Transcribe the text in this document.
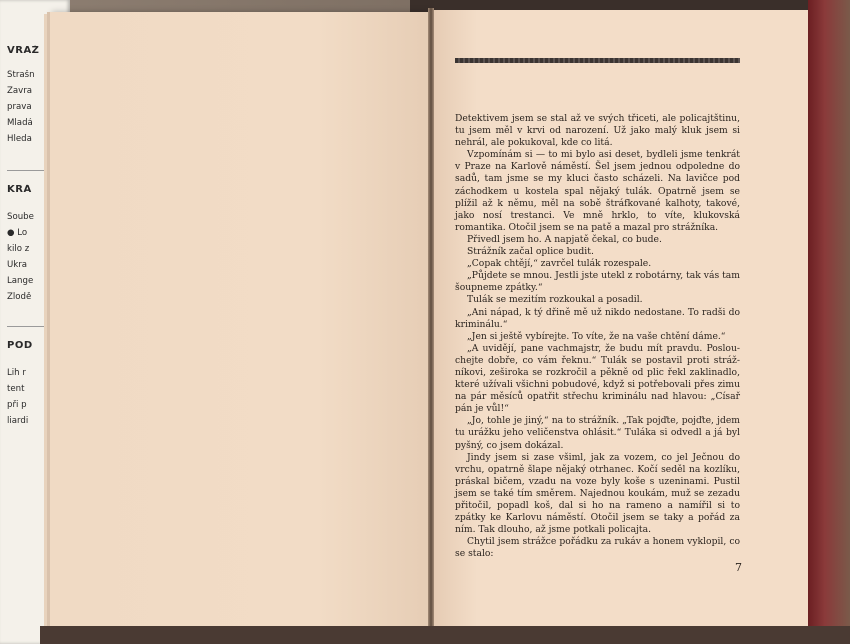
VRAŽ
Strašn
Zavra
prava
Mladá
Hleda
KRÁ
Soube
● Lo
kilo z
Ukra
Lange
Zlodě
POD
Lih r
tent
při p
liardi

Detektivem jsem se stal až ve svých třiceti, ale policajtštinu, tu jsem měl v krvi od narození. Už jako malý kluk jsem si nehrál, ale pokukoval, kde co litá.

Vzpomínám si — to mi bylo asi deset, bydleli jsme tenkrát v Praze na Karlově náměstí. Šel jsem jednou odpoledne do sadů, tam jsme se my kluci často scházeli. Na lavičce pod záchodkem u kostela spal nějaký tulák. Opatrně jsem se plížil až k němu, měl na sobě štráfkované kalhoty, takové, jako nosí trestanci. Ve mně hrklo, to víte, klukovská romantika. Otočil jsem se na patě a mazal pro strážníka.

Přivedl jsem ho. A napjatě čekal, co bude.

Strážník začal oplice budit.

„Copak chtějí,“ zavrčel tulák rozespale.

„Půjdete se mnou. Jestli jste utekl z robotárny, tak vás tam šoupneme zpátky.“

Tulák se mezitím rozkoukal a posadil.

„Ani nápad, k tý dřině mě už nikdo nedostane. To radši do kriminálu.“

„Jen si ještě vybírejte. To víte, že na vaše chtění dáme.“

„A uvidějí, pane vachmajstr, že budu mít pravdu. Poslouchejte dobře, co vám řeknu.“ Tulák se postavil proti strážníkovi, zeširoka se rozkročil a pěkně od plic řekl zaklinadlo, které užívali všichni pobudové, když si potřebovali přes zimu na pár měsíců opatřit střechu kriminálu nad hlavou: „Císař pán je vůl!“

„Jo, tohle je jiný,“ na to strážník. „Tak pojďte, pojďte, jdem tu urážku jeho veličenstva ohlásit.“ Tuláka si odvedl a já byl pyšný, co jsem dokázal.

Jindy jsem si zase všiml, jak za vozem, co jel Ječnou do vrchu, opatrně šlape nějaký otrhanec. Kočí seděl na kozlíku, práskal bičem, vzadu na voze byly koše s uzeninami. Pustil jsem se také tím směrem. Najednou koukám, muž se zezadu přitočil, popadl koš, dal si ho na rameno a namířil si to zpátky ke Karlovu náměstí. Otočil jsem se taky a pořád za ním. Tak dlouho, až jsme potkali policajta.

Chytil jsem strážce pořádku za rukáv a honem vyklopil, co se stalo:

7
